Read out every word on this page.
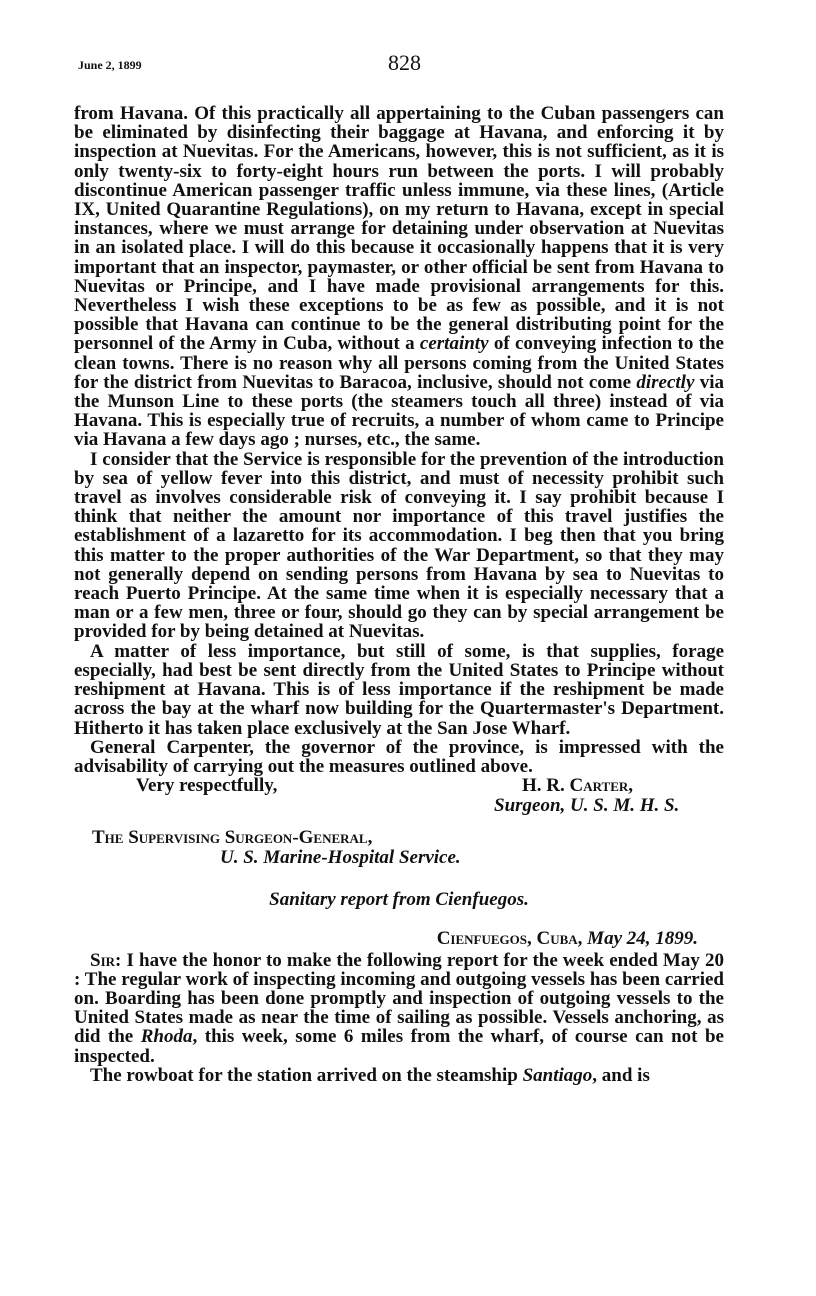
June 2, 1899	828

from Havana. Of this practically all appertaining to the Cuban passengers can be eliminated by disinfecting their baggage at Havana, and enforcing it by inspection at Nuevitas. For the Americans, however, this is not sufficient, as it is only twenty-six to forty-eight hours run between the ports. I will probably discontinue American passenger traffic unless immune, via these lines, (Article IX, United Quarantine Regulations), on my return to Havana, except in special instances, where we must arrange for detaining under observation at Nuevitas in an isolated place. I will do this because it occasionally happens that it is very important that an inspector, paymaster, or other official be sent from Havana to Nuevitas or Principe, and I have made provisional arrangements for this. Nevertheless I wish these exceptions to be as few as possible, and it is not possible that Havana can continue to be the general distributing point for the personnel of the Army in Cuba, without a certainty of conveying infection to the clean towns. There is no reason why all persons coming from the United States for the district from Nuevitas to Baracoa, inclusive, should not come directly via the Munson Line to these ports (the steamers touch all three) instead of via Havana. This is especially true of recruits, a number of whom came to Principe via Havana a few days ago ; nurses, etc., the same.

I consider that the Service is responsible for the prevention of the introduction by sea of yellow fever into this district, and must of necessity prohibit such travel as involves considerable risk of conveying it. I say prohibit because I think that neither the amount nor importance of this travel justifies the establishment of a lazaretto for its accommodation. I beg then that you bring this matter to the proper authorities of the War Department, so that they may not generally depend on sending persons from Havana by sea to Nuevitas to reach Puerto Principe. At the same time when it is especially necessary that a man or a few men, three or four, should go they can by special arrangement be provided for by being detained at Nuevitas.

A matter of less importance, but still of some, is that supplies, forage especially, had best be sent directly from the United States to Principe without reshipment at Havana. This is of less importance if the reshipment be made across the bay at the wharf now building for the Quartermaster's Department. Hitherto it has taken place exclusively at the San Jose Wharf.

General Carpenter, the governor of the province, is impressed with the advisability of carrying out the measures outlined above.

Very respectfully,	H. R. Carter,
Surgeon, U. S. M. H. S.
The Supervising Surgeon-General,
U. S. Marine-Hospital Service.
Sanitary report from Cienfuegos.
Cienfuegos, Cuba, May 24, 1899.

Sir: I have the honor to make the following report for the week ended May 20 : The regular work of inspecting incoming and outgoing vessels has been carried on. Boarding has been done promptly and inspection of outgoing vessels to the United States made as near the time of sailing as possible. Vessels anchoring, as did the Rhoda, this week, some 6 miles from the wharf, of course can not be inspected.

The rowboat for the station arrived on the steamship Santiago, and is
